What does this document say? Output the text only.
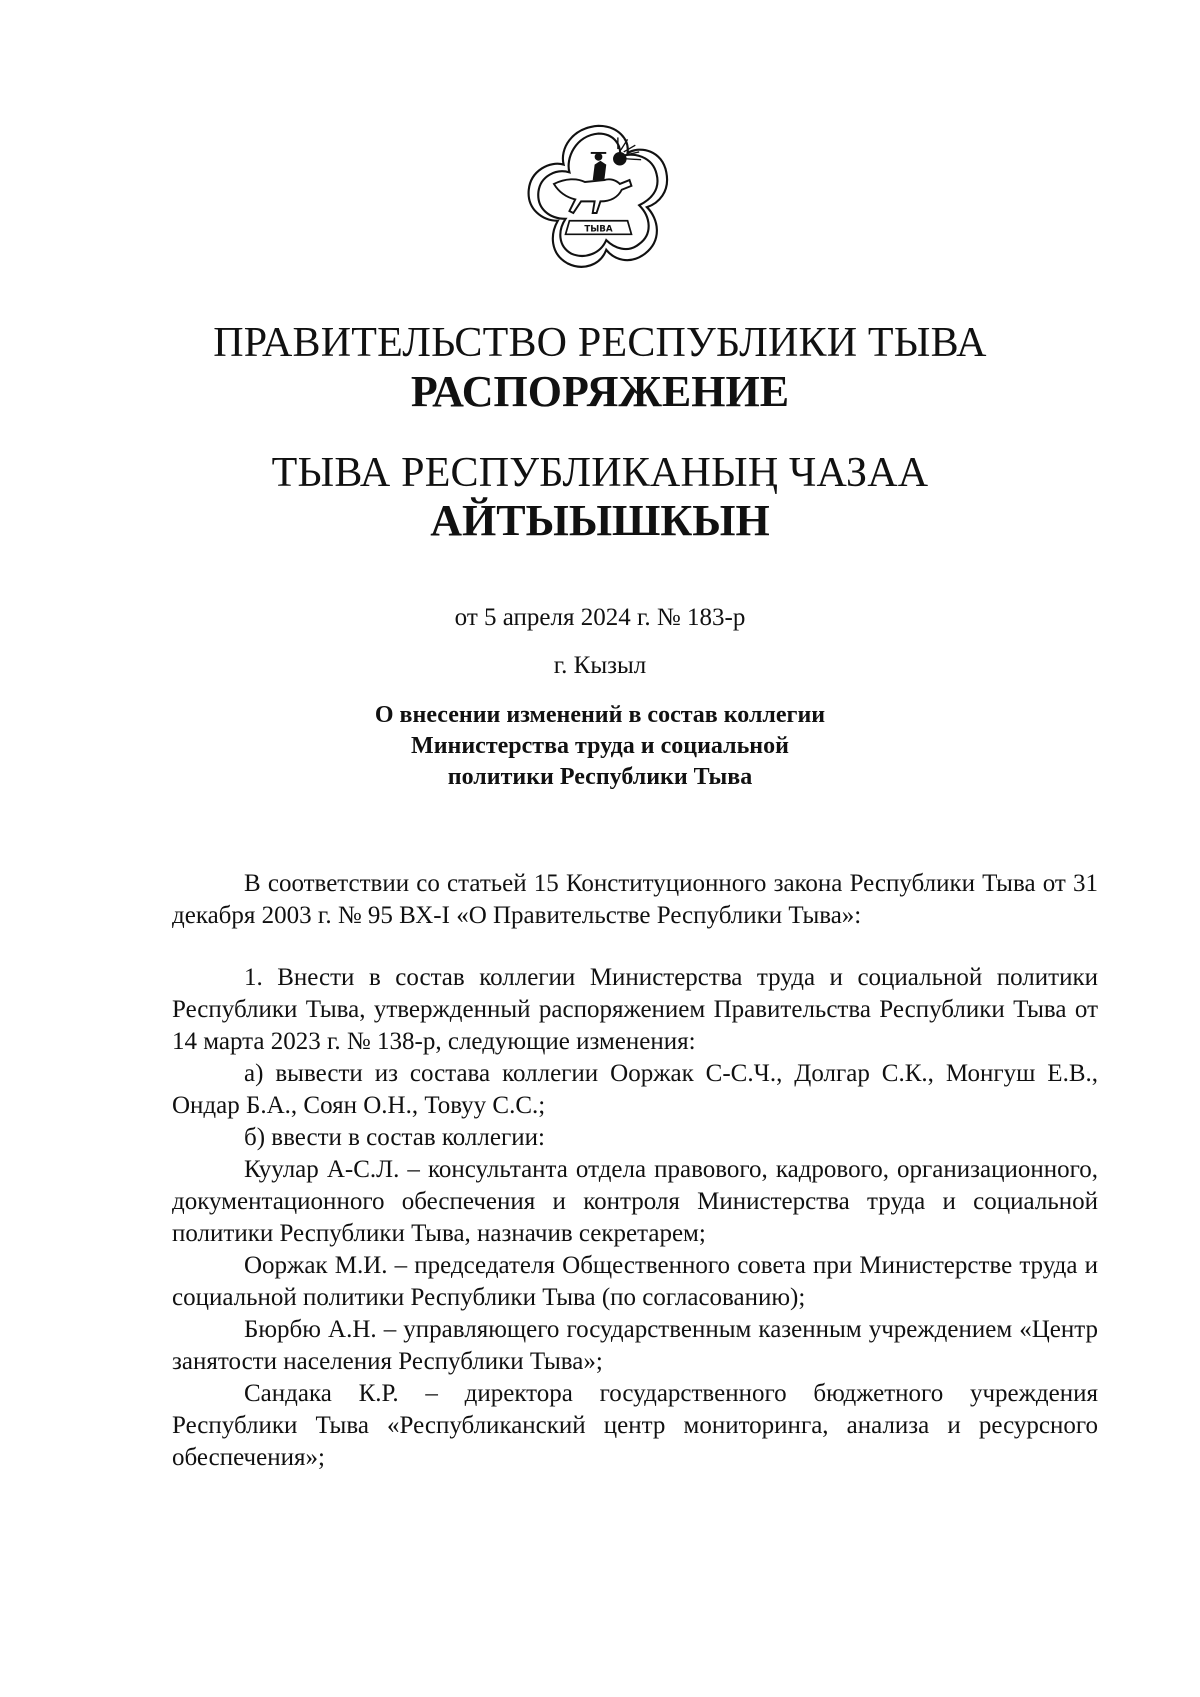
ТЫВА
ПРАВИТЕЛЬСТВО РЕСПУБЛИКИ ТЫВА
РАСПОРЯЖЕНИЕ
ТЫВА РЕСПУБЛИКАНЫҢ ЧАЗАА
АЙТЫЫШКЫН
от 5 апреля 2024 г. № 183-р
г. Кызыл
О внесении изменений в состав коллегии
Министерства труда и социальной
политики Республики Тыва

В соответствии со статьей 15 Конституционного закона Республики Тыва от 31 декабря 2003 г. № 95 ВХ-I «О Правительстве Республики Тыва»:

1. Внести в состав коллегии Министерства труда и социальной политики Республики Тыва, утвержденный распоряжением Правительства Республики Тыва от 14 марта 2023 г. № 138-р, следующие изменения:

а) вывести из состава коллегии Ооржак С-С.Ч., Долгар С.К., Монгуш Е.В., Ондар Б.А., Соян О.Н., Товуу С.С.;

б) ввести в состав коллегии:

Куулар А-С.Л. – консультанта отдела правового, кадрового, организационного, документационного обеспечения и контроля Министерства труда и социальной политики Республики Тыва, назначив секретарем;

Ооржак М.И. – председателя Общественного совета при Министерстве труда и социальной политики Республики Тыва (по согласованию);

Бюрбю А.Н. – управляющего государственным казенным учреждением «Центр занятости населения Республики Тыва»;

Сандака К.Р. – директора государственного бюджетного учреждения Республики Тыва «Республиканский центр мониторинга, анализа и ресурсного обеспечения»;
